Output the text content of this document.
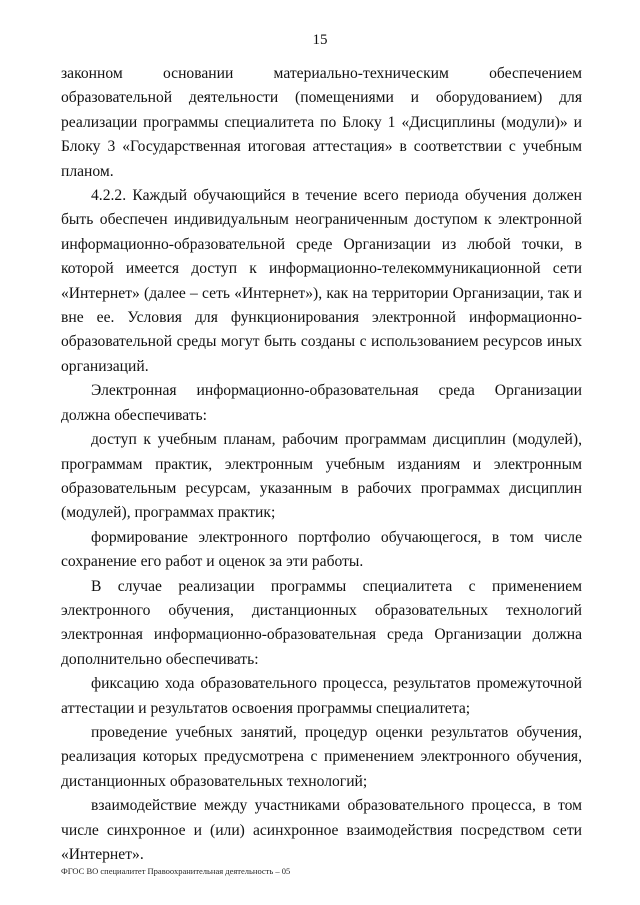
15

законном основании материально-техническим обеспечением образовательной деятельности (помещениями и оборудованием) для реализации программы специалитета по Блоку 1 «Дисциплины (модули)» и Блоку 3 «Государственная итоговая аттестация» в соответствии с учебным планом.

4.2.2. Каждый обучающийся в течение всего периода обучения должен быть обеспечен индивидуальным неограниченным доступом к электронной информационно-образовательной среде Организации из любой точки, в которой имеется доступ к информационно-телекоммуникационной сети «Интернет» (далее – сеть «Интернет»), как на территории Организации, так и вне ее. Условия для функционирования электронной информационно-образовательной среды могут быть созданы с использованием ресурсов иных организаций.

Электронная информационно-образовательная среда Организации должна обеспечивать:

доступ к учебным планам, рабочим программам дисциплин (модулей), программам практик, электронным учебным изданиям и электронным образовательным ресурсам, указанным в рабочих программах дисциплин (модулей), программах практик;

формирование электронного портфолио обучающегося, в том числе сохранение его работ и оценок за эти работы.

В случае реализации программы специалитета с применением электронного обучения, дистанционных образовательных технологий электронная информационно-образовательная среда Организации должна дополнительно обеспечивать:

фиксацию хода образовательного процесса, результатов промежуточной аттестации и результатов освоения программы специалитета;

проведение учебных занятий, процедур оценки результатов обучения, реализация которых предусмотрена с применением электронного обучения, дистанционных образовательных технологий;

взаимодействие между участниками образовательного процесса, в том числе синхронное и (или) асинхронное взаимодействия посредством сети «Интернет».

ФГОС ВО специалитет Правоохранительная деятельность – 05
